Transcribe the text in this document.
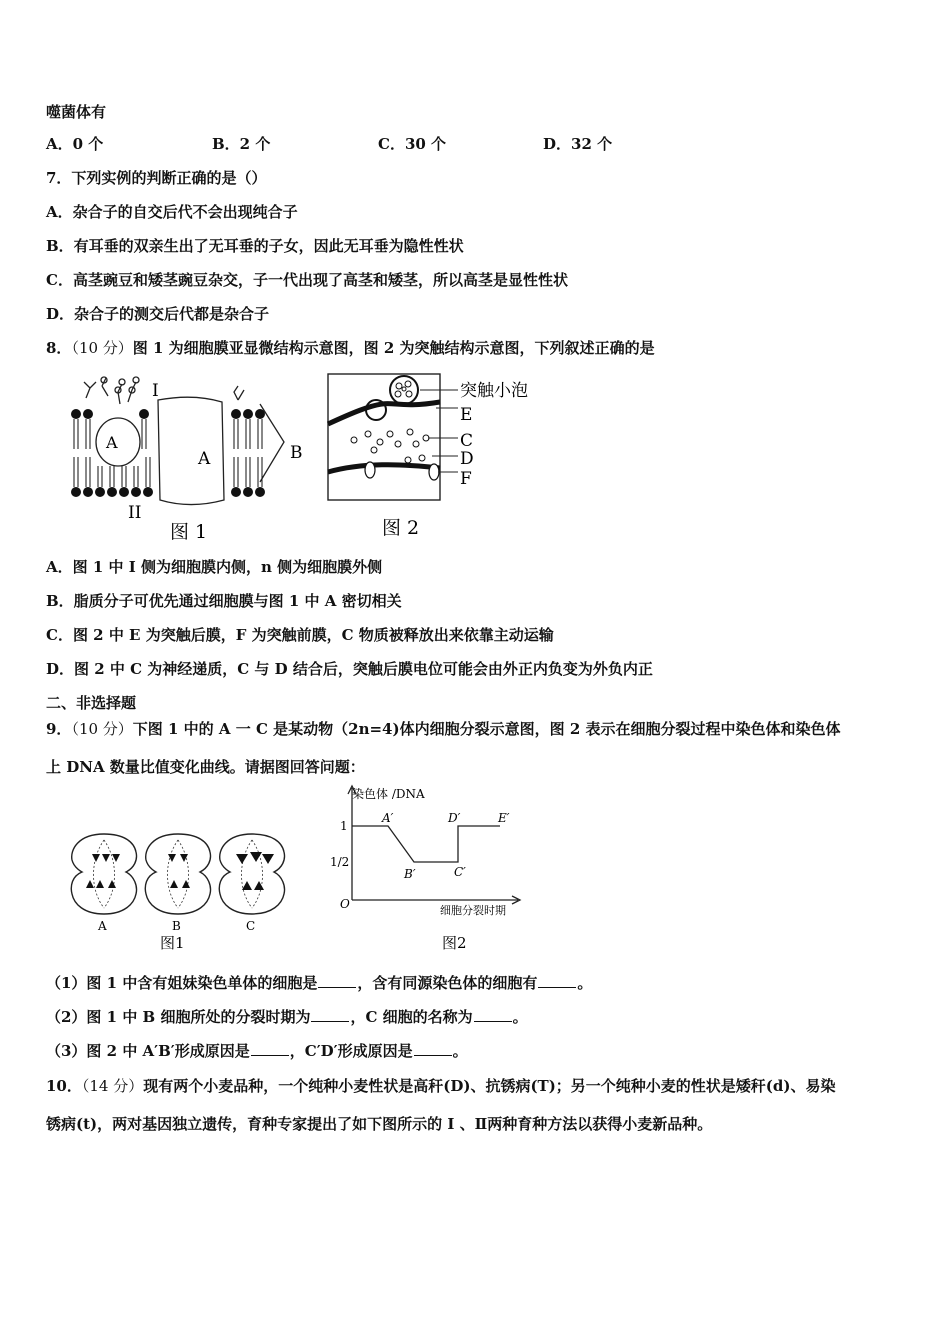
噬菌体有
A．0 个	B．2 个	C．30 个	D．32 个
7．下列实例的判断正确的是（）
A．杂合子的自交后代不会出现纯合子
B．有耳垂的双亲生出了无耳垂的子女，因此无耳垂为隐性性状
C．高茎豌豆和矮茎豌豆杂交，子一代出现了高茎和矮茎，所以高茎是显性性状
D．杂合子的测交后代都是杂合子
8．（10 分）图 1 为细胞膜亚显微结构示意图，图 2 为突触结构示意图，下列叙述正确的是
I
A
A	B
II
图 1
突触小泡
E
C
D
F
图 2
A．图 1 中 I 侧为细胞膜内侧，n 侧为细胞膜外侧
B．脂质分子可优先通过细胞膜与图 1 中 A 密切相关
C．图 2 中 E 为突触后膜，F 为突触前膜，C 物质被释放出来依靠主动运输
D．图 2 中 C 为神经递质，C 与 D 结合后，突触后膜电位可能会由外正内负变为外负内正
二、非选择题
9．（10 分）下图 1 中的 A 一 C 是某动物（2n=4)体内细胞分裂示意图，图 2 表示在细胞分裂过程中染色体和染色体
上 DNA 数量比值变化曲线。请据图回答问题：
A	B	C
图1
染色体 /DNA
1
1/2
O
A′
B′	C′
D′	E′
细胞分裂时期
图2
（1）图 1 中含有姐妹染色单体的细胞是	，含有同源染色体的细胞有	。
（2）图 1 中 B 细胞所处的分裂时期为	，C 细胞的名称为	。
（3）图 2 中 A′B′形成原因是	，C′D′形成原因是	。
10．（14 分）现有两个小麦品种，一个纯种小麦性状是高秆(D)、抗锈病(T)；另一个纯种小麦的性状是矮秆(d)、易染
锈病(t)，两对基因独立遗传，育种专家提出了如下图所示的 Ⅰ 、Ⅱ两种育种方法以获得小麦新品种。
